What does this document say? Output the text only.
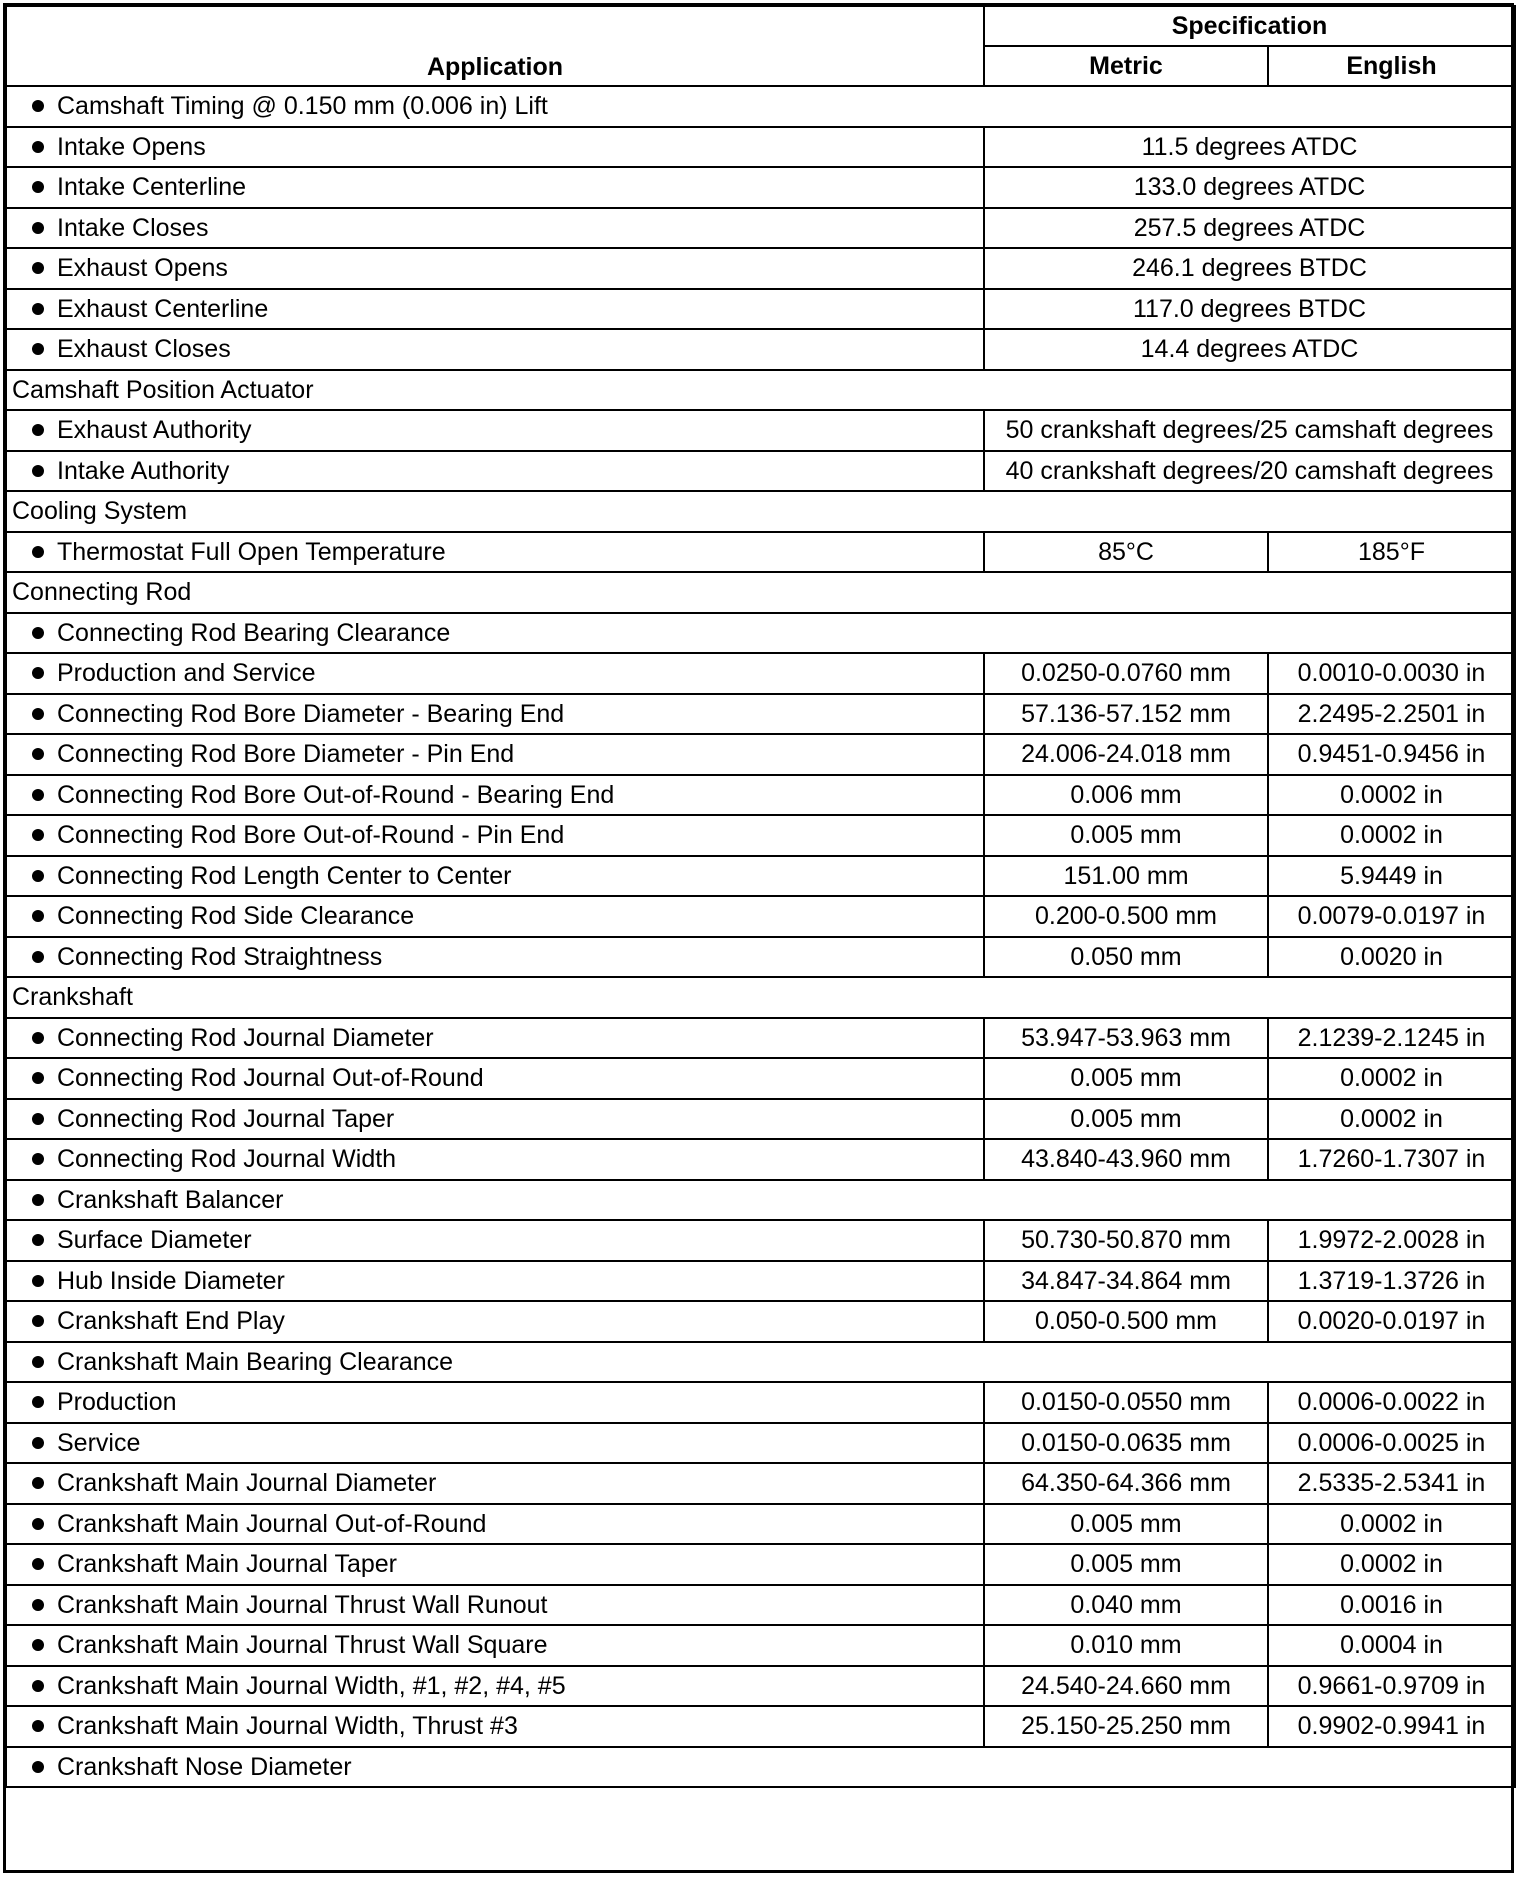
Application	Specification	
	Metric	English
Camshaft Timing @ 0.150 mm (0.006 in) Lift		
Intake Opens	11.5 degrees ATDC	
Intake Centerline	133.0 degrees ATDC	
Intake Closes	257.5 degrees ATDC	
Exhaust Opens	246.1 degrees BTDC	
Exhaust Centerline	117.0 degrees BTDC	
Exhaust Closes	14.4 degrees ATDC	
Camshaft Position Actuator		
Exhaust Authority	50 crankshaft degrees/25 camshaft degrees	
Intake Authority	40 crankshaft degrees/20 camshaft degrees	
Cooling System		
Thermostat Full Open Temperature	85°C	185°F
Connecting Rod		
Connecting Rod Bearing Clearance		
Production and Service	0.0250-0.0760 mm	0.0010-0.0030 in
Connecting Rod Bore Diameter - Bearing End	57.136-57.152 mm	2.2495-2.2501 in
Connecting Rod Bore Diameter - Pin End	24.006-24.018 mm	0.9451-0.9456 in
Connecting Rod Bore Out-of-Round - Bearing End	0.006 mm	0.0002 in
Connecting Rod Bore Out-of-Round - Pin End	0.005 mm	0.0002 in
Connecting Rod Length Center to Center	151.00 mm	5.9449 in
Connecting Rod Side Clearance	0.200-0.500 mm	0.0079-0.0197 in
Connecting Rod Straightness	0.050 mm	0.0020 in
Crankshaft		
Connecting Rod Journal Diameter	53.947-53.963 mm	2.1239-2.1245 in
Connecting Rod Journal Out-of-Round	0.005 mm	0.0002 in
Connecting Rod Journal Taper	0.005 mm	0.0002 in
Connecting Rod Journal Width	43.840-43.960 mm	1.7260-1.7307 in
Crankshaft Balancer		
Surface Diameter	50.730-50.870 mm	1.9972-2.0028 in
Hub Inside Diameter	34.847-34.864 mm	1.3719-1.3726 in
Crankshaft End Play	0.050-0.500 mm	0.0020-0.0197 in
Crankshaft Main Bearing Clearance		
Production	0.0150-0.0550 mm	0.0006-0.0022 in
Service	0.0150-0.0635 mm	0.0006-0.0025 in
Crankshaft Main Journal Diameter	64.350-64.366 mm	2.5335-2.5341 in
Crankshaft Main Journal Out-of-Round	0.005 mm	0.0002 in
Crankshaft Main Journal Taper	0.005 mm	0.0002 in
Crankshaft Main Journal Thrust Wall Runout	0.040 mm	0.0016 in
Crankshaft Main Journal Thrust Wall Square	0.010 mm	0.0004 in
Crankshaft Main Journal Width, #1, #2, #4, #5	24.540-24.660 mm	0.9661-0.9709 in
Crankshaft Main Journal Width, Thrust #3	25.150-25.250 mm	0.9902-0.9941 in
Crankshaft Nose Diameter		
